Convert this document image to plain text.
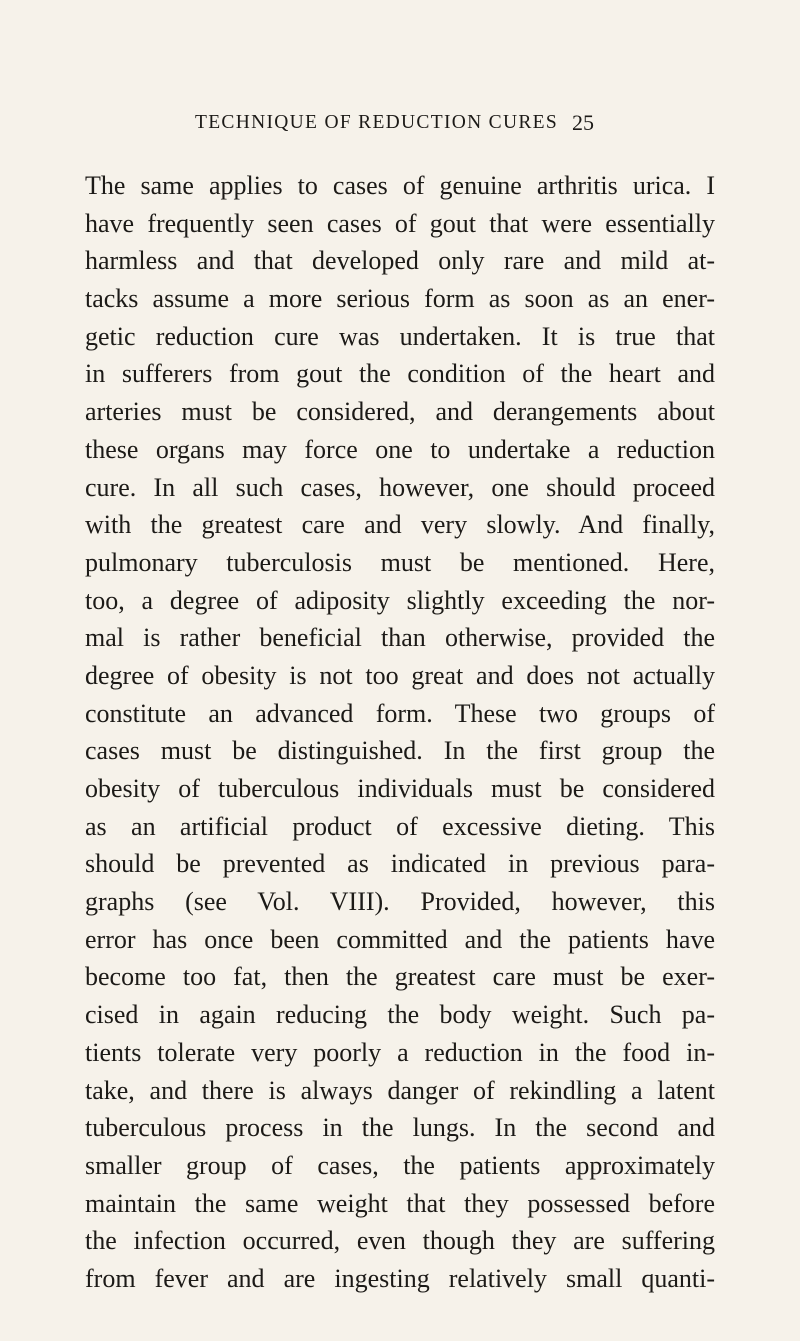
TECHNIQUE OF REDUCTION CURES 25
The same applies to cases of genuine arthritis urica. I
have frequently seen cases of gout that were essentially
harmless and that developed only rare and mild at-
tacks assume a more serious form as soon as an ener-
getic reduction cure was undertaken. It is true that
in sufferers from gout the condition of the heart and
arteries must be considered, and derangements about
these organs may force one to undertake a reduction
cure. In all such cases, however, one should proceed
with the greatest care and very slowly. And finally,
pulmonary tuberculosis must be mentioned. Here,
too, a degree of adiposity slightly exceeding the nor-
mal is rather beneficial than otherwise, provided the
degree of obesity is not too great and does not actually
constitute an advanced form. These two groups of
cases must be distinguished. In the first group the
obesity of tuberculous individuals must be considered
as an artificial product of excessive dieting. This
should be prevented as indicated in previous para-
graphs (see Vol. VIII). Provided, however, this
error has once been committed and the patients have
become too fat, then the greatest care must be exer-
cised in again reducing the body weight. Such pa-
tients tolerate very poorly a reduction in the food in-
take, and there is always danger of rekindling a latent
tuberculous process in the lungs. In the second and
smaller group of cases, the patients approximately
maintain the same weight that they possessed before
the infection occurred, even though they are suffering
from fever and are ingesting relatively small quanti-
